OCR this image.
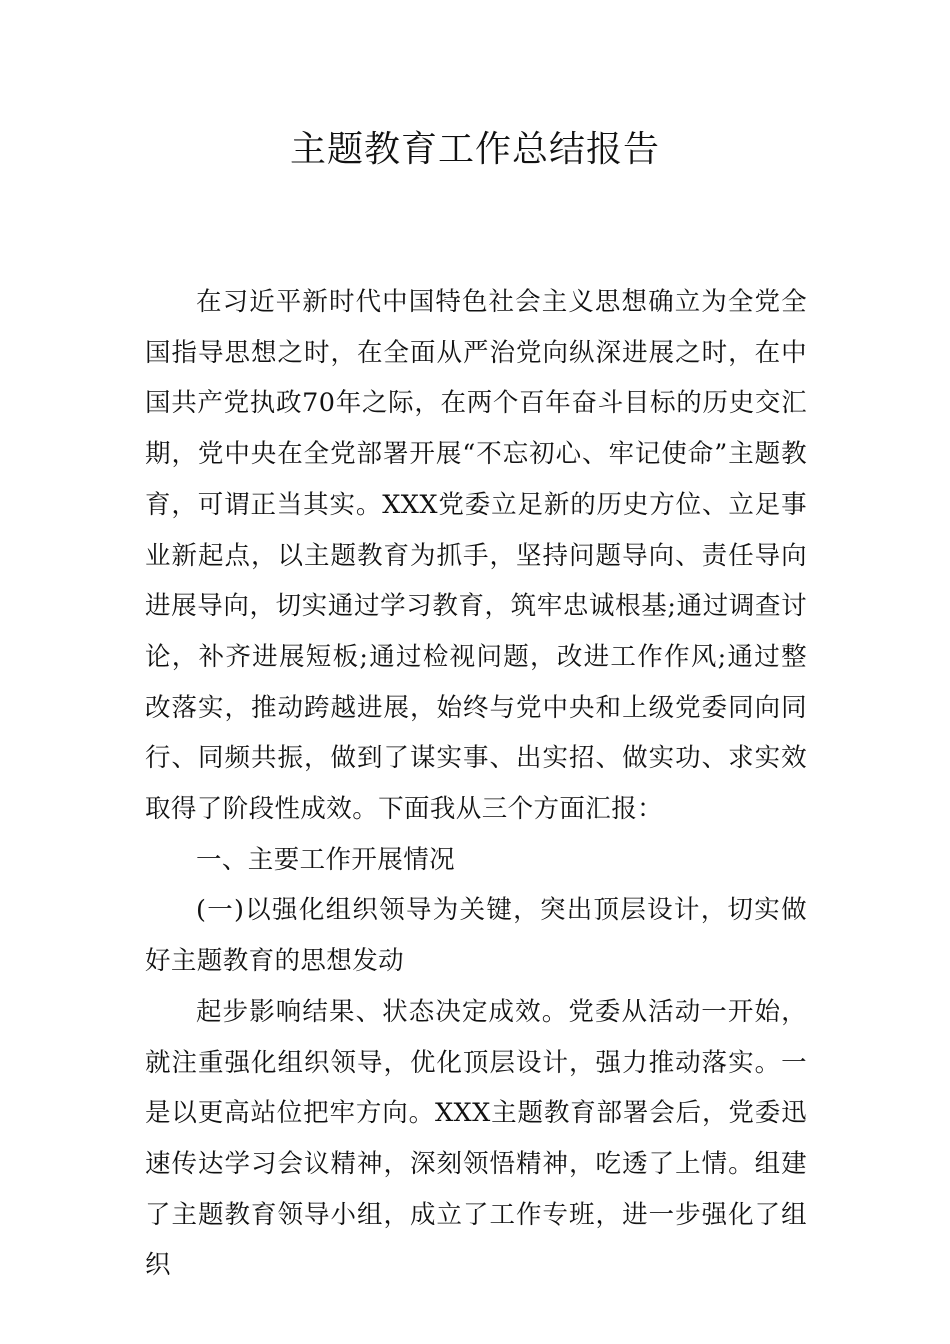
主题教育工作总结报告

在习近平新时代中国特色社会主义思想确立为全党全国指导思想之时，在全面从严治党向纵深进展之时，在中国共产党执政70年之际，在两个百年奋斗目标的历史交汇期，党中央在全党部署开展“不忘初心、牢记使命”主题教育，可谓正当其实。XXX党委立足新的历史方位、立足事业新起点，以主题教育为抓手，坚持问题导向、责任导向进展导向，切实通过学习教育，筑牢忠诚根基;通过调查讨论，补齐进展短板;通过检视问题，改进工作作风;通过整改落实，推动跨越进展，始终与党中央和上级党委同向同行、同频共振，做到了谋实事、出实招、做实功、求实效取得了阶段性成效。下面我从三个方面汇报：

一、主要工作开展情况

(一)以强化组织领导为关键，突出顶层设计，切实做好主题教育的思想发动

起步影响结果、状态决定成效。党委从活动一开始，就注重强化组织领导，优化顶层设计，强力推动落实。一是以更高站位把牢方向。XXX主题教育部署会后，党委迅速传达学习会议精神，深刻领悟精神，吃透了上情。组建了主题教育领导小组，成立了工作专班，进一步强化了组织
